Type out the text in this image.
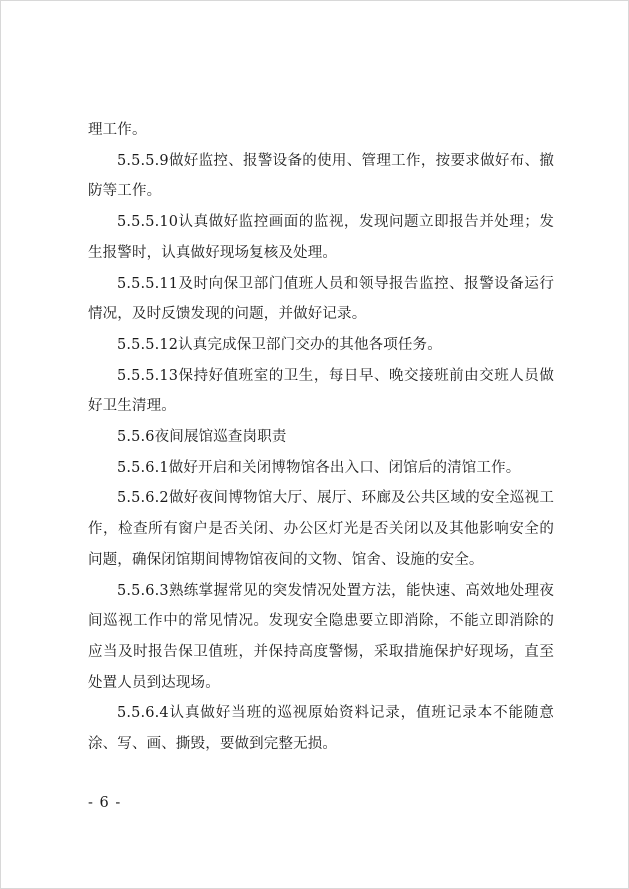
理工作。

5.5.5.9做好监控、报警设备的使用、管理工作，按要求做好布、撤防等工作。

5.5.5.10认真做好监控画面的监视，发现问题立即报告并处理；发生报警时，认真做好现场复核及处理。

5.5.5.11及时向保卫部门值班人员和领导报告监控、报警设备运行情况，及时反馈发现的问题，并做好记录。

5.5.5.12认真完成保卫部门交办的其他各项任务。

5.5.5.13保持好值班室的卫生，每日早、晚交接班前由交班人员做好卫生清理。

5.5.6夜间展馆巡查岗职责

5.5.6.1做好开启和关闭博物馆各出入口、闭馆后的清馆工作。

5.5.6.2做好夜间博物馆大厅、展厅、环廊及公共区域的安全巡视工作，检查所有窗户是否关闭、办公区灯光是否关闭以及其他影响安全的问题，确保闭馆期间博物馆夜间的文物、馆舍、设施的安全。

5.5.6.3熟练掌握常见的突发情况处置方法，能快速、高效地处理夜间巡视工作中的常见情况。发现安全隐患要立即消除，不能立即消除的应当及时报告保卫值班，并保持高度警惕，采取措施保护好现场，直至处置人员到达现场。

5.5.6.4认真做好当班的巡视原始资料记录，值班记录本不能随意涂、写、画、撕毁，要做到完整无损。

- 6 -
